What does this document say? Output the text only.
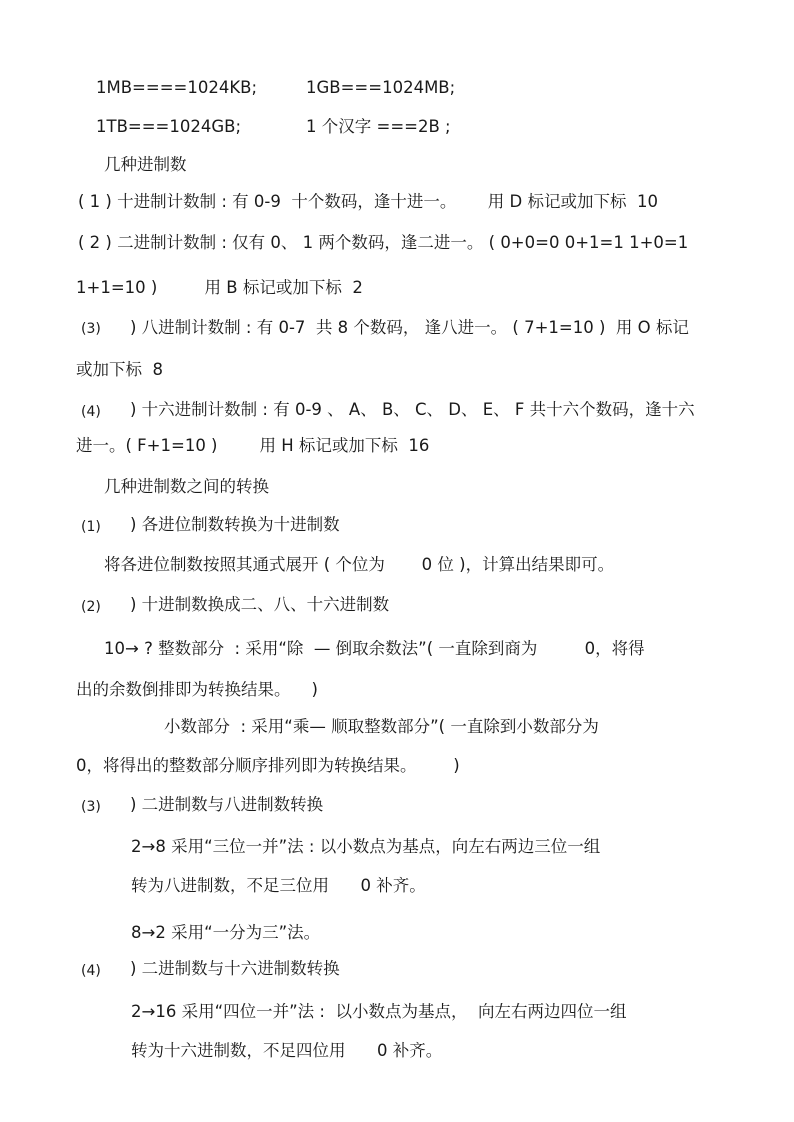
1MB====1024KB;	1GB===1024MB;
1TB===1024GB;	1 个汉字 ===2B ;
几种进制数
( 1 ) 十进制计数制 : 有 0-9  十个数码，逢十进一。      用 D 标记或加下标  10
( 2 ) 二进制计数制 : 仅有 0、 1 两个数码，逢二进一。 ( 0+0=0 0+1=1 1+0=1
1+1=10 )         用 B 标记或加下标  2
(3) ) 八进制计数制 : 有 0-7  共 8 个数码， 逢八进一。 ( 7+1=10 )  用 O 标记
或加下标  8
(4) ) 十六进制计数制 : 有 0-9 、 A、 B、 C、 D、 E、 F 共十六个数码，逢十六
进一。( F+1=10 )        用 H 标记或加下标  16
几种进制数之间的转换
(1) ) 各进位制数转换为十进制数
将各进位制数按照其通式展开 ( 个位为       0 位 )，计算出结果即可。
(2) ) 十进制数换成二、八、十六进制数
10→ ? 整数部分  : 采用“除  — 倒取余数法”( 一直除到商为         0，将得
出的余数倒排即为转换结果。    )
小数部分  : 采用“乘— 顺取整数部分”( 一直除到小数部分为
0，将得出的整数部分顺序排列即为转换结果。       )
(3) ) 二进制数与八进制数转换
2→8 采用“三位一并”法 : 以小数点为基点，向左右两边三位一组
转为八进制数，不足三位用      0 补齐。
8→2 采用“一分为三”法。
(4) ) 二进制数与十六进制数转换
2→16 采用“四位一并”法 :  以小数点为基点，  向左右两边四位一组
转为十六进制数，不足四位用      0 补齐。
